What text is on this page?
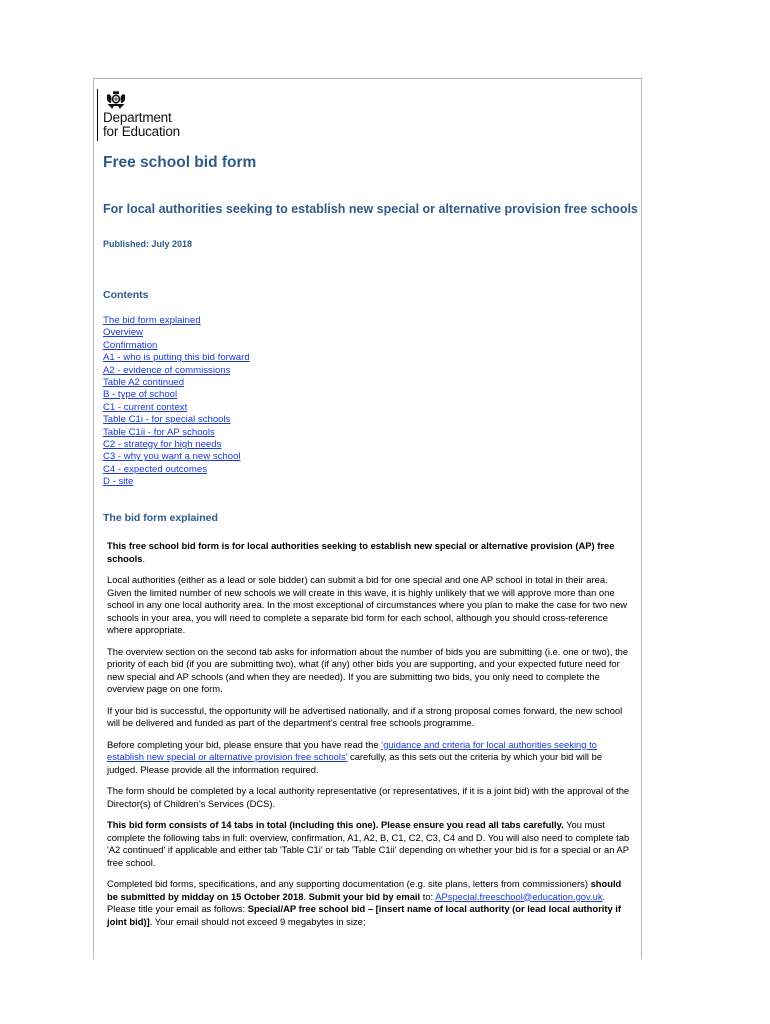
Department
for Education
Free school bid form
For local authorities seeking to establish new special or alternative provision free schools
Published: July 2018
Contents
The bid form explained
Overview
Confirmation
A1 - who is putting this bid forward
A2 - evidence of commissions
Table A2 continued
B - type of school
C1 - current context
Table C1i - for special schools
Table C1ii - for AP schools
C2 - strategy for high needs
C3 - why you want a new school
C4 - expected outcomes
D - site
The bid form explained

This free school bid form is for local authorities seeking to establish new special or alternative provision (AP) free schools.

Local authorities (either as a lead or sole bidder) can submit a bid for one special and one AP school in total in their area. Given the limited number of new schools we will create in this wave, it is highly unlikely that we will approve more than one school in any one local authority area. In the most exceptional of circumstances where you plan to make the case for two new schools in your area, you will need to complete a separate bid form for each school, although you should cross-reference where appropriate.

The overview section on the second tab asks for information about the number of bids you are submitting (i.e. one or two), the priority of each bid (if you are submitting two), what (if any) other bids you are supporting, and your expected future need for new special and AP schools (and when they are needed). If you are submitting two bids, you only need to complete the overview page on one form.

If your bid is successful, the opportunity will be advertised nationally, and if a strong proposal comes forward, the new school will be delivered and funded as part of the department’s central free schools programme.

Before completing your bid, please ensure that you have read the ‘guidance and criteria for local authorities seeking to establish new special or alternative provision free schools’ carefully, as this sets out the criteria by which your bid will be judged. Please provide all the information required.

The form should be completed by a local authority representative (or representatives, if it is a joint bid) with the approval of the Director(s) of Children’s Services (DCS).

This bid form consists of 14 tabs in total (including this one). Please ensure you read all tabs carefully. You must complete the following tabs in full: overview, confirmation, A1, A2, B, C1, C2, C3, C4 and D. You will also need to complete tab 'A2 continued' if applicable and either tab 'Table C1i' or tab 'Table C1ii' depending on whether your bid is for a special or an AP free school.

Completed bid forms, specifications, and any supporting documentation (e.g. site plans, letters from commissioners) should be submitted by midday on 15 October 2018. Submit your bid by email to: APspecial.freeschool@education.gov.uk. Please title your email as follows: Special/AP free school bid – [insert name of local authority (or lead local authority if joint bid)]. Your email should not exceed 9 megabytes in size;
